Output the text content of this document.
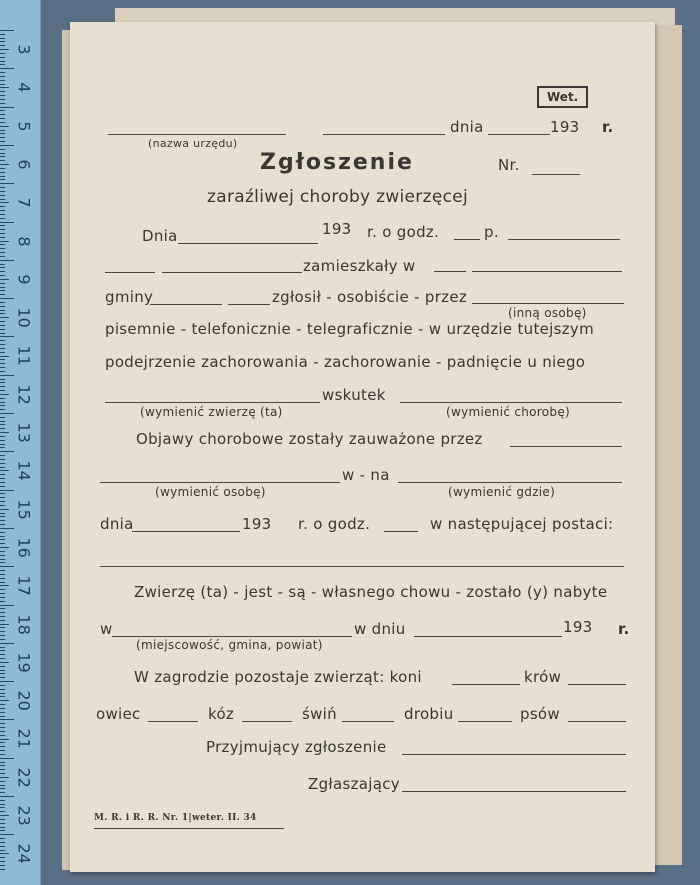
3
4
5
6
7
8
9
10
11
12
13
14
15
16
17
18
19
20
21
22
23
24
Wet.
(nazwa urzędu)
dnia	193 r.
Zgłoszenie	Nr.
zaraźliwej choroby zwierzęcej
Dnia	193 r. o godz.	p.
zamieszkały w
gminy	zgłosił - osobiście - przez
(inną osobę)
pisemnie - telefonicznie - telegraficznie - w urzędzie tutejszym
podejrzenie zachorowania - zachorowanie - padnięcie u niego
wskutek
(wymienić zwierzę (ta)	(wymienić chorobę)
Objawy chorobowe zostały zauważone przez
w - na
(wymienić osobę)	(wymienić gdzie)
dnia	193 r. o godz.	w następującej postaci:
Zwierzę (ta) - jest - są - własnego chowu - zostało (y) nabyte
w	w dniu	193 r.
(miejscowość, gmina, powiat)
W zagrodzie pozostaje zwierząt: koni	krów
owiec	kóz	świń	drobiu	psów
Przyjmujący zgłoszenie
Zgłaszający
M. R. i R. R. Nr. 1|weter. II. 34
